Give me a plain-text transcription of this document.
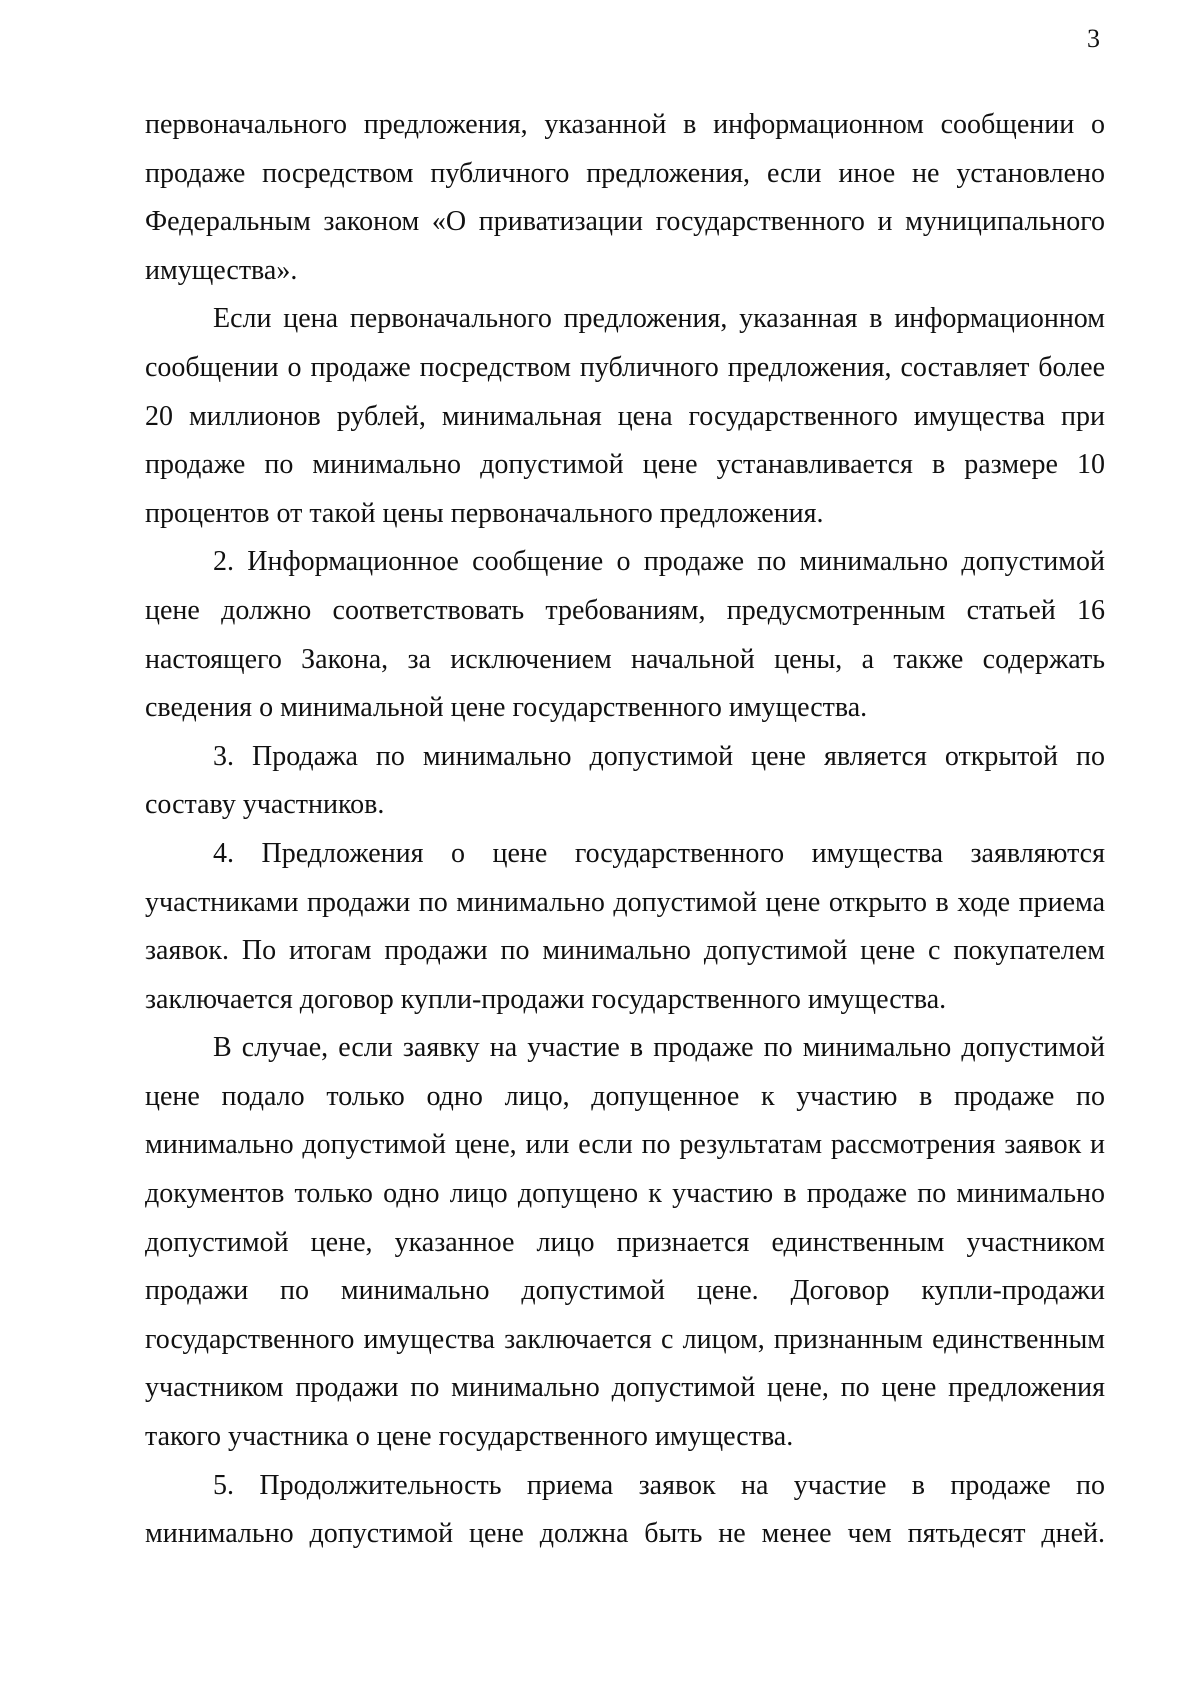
3

первоначального предложения, указанной в информационном сообщении о продаже посредством публичного предложения, если иное не установлено Федеральным законом «О приватизации государственного и муниципального имущества».

Если цена первоначального предложения, указанная в информационном сообщении о продаже посредством публичного предложения, составляет более 20 миллионов рублей, минимальная цена государственного имущества при продаже по минимально допустимой цене устанавливается в размере 10 процентов от такой цены первоначального предложения.

2. Информационное сообщение о продаже по минимально допустимой цене должно соответствовать требованиям, предусмотренным статьей 16 настоящего Закона, за исключением начальной цены, а также содержать сведения о минимальной цене государственного имущества.

3. Продажа по минимально допустимой цене является открытой по составу участников.

4. Предложения о цене государственного имущества заявляются участниками продажи по минимально допустимой цене открыто в ходе приема заявок. По итогам продажи по минимально допустимой цене с покупателем заключается договор купли-продажи государственного имущества.

В случае, если заявку на участие в продаже по минимально допустимой цене подало только одно лицо, допущенное к участию в продаже по минимально допустимой цене, или если по результатам рассмотрения заявок и документов только одно лицо допущено к участию в продаже по минимально допустимой цене, указанное лицо признается единственным участником продажи по минимально допустимой цене. Договор купли-продажи государственного имущества заключается с лицом, признанным единственным участником продажи по минимально допустимой цене, по цене предложения такого участника о цене государственного имущества.

5. Продолжительность приема заявок на участие в продаже по минимально допустимой цене должна быть не менее чем пятьдесят дней.
